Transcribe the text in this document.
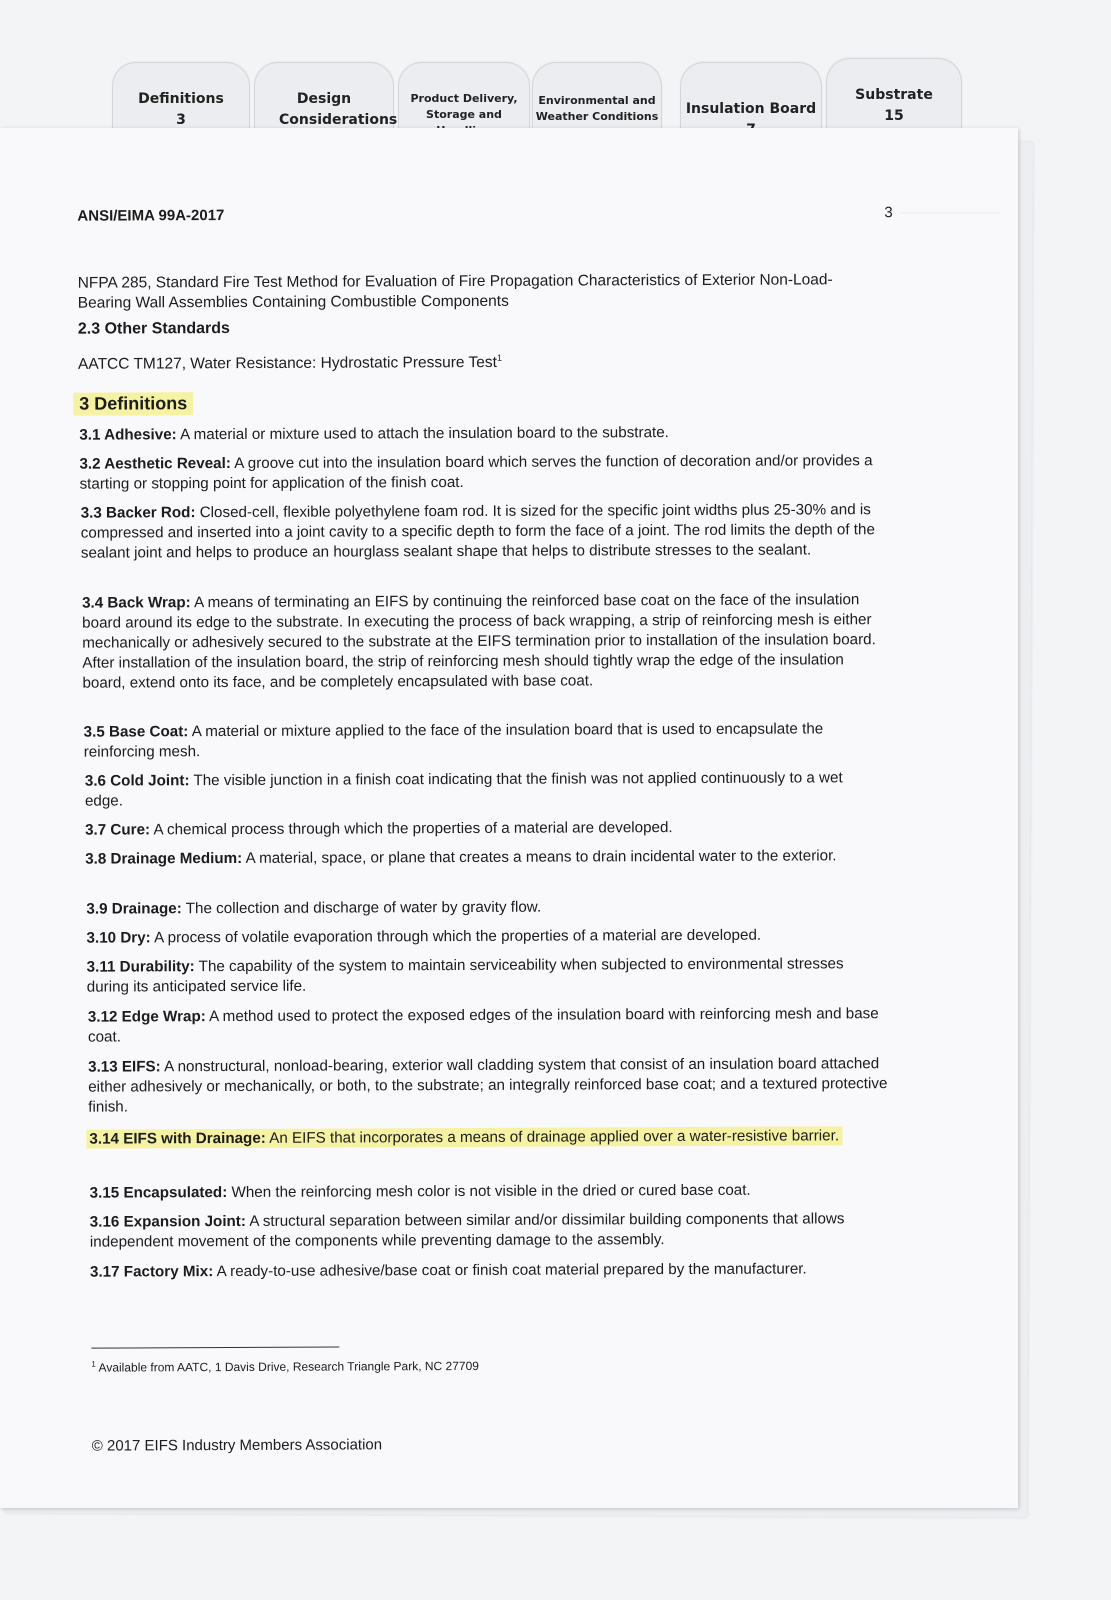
Definitions
3
Design Considerations
Product Delivery, Storage and
Environmental and Weather Conditions	Insulation Board
Substrate
15
──────────
ANSI/EIMA 99A-2017	3
NFPA 285, Standard Fire Test Method for Evaluation of Fire Propagation Characteristics of Exterior Non-Load-Bearing Wall Assemblies Containing Combustible Components
2.3 Other Standards
AATCC TM127, Water Resistance: Hydrostatic Pressure Test$^1$
3 Definitions
3.1 Adhesive: A material or mixture used to attach the insulation board to the substrate.
3.2 Aesthetic Reveal: A groove cut into the insulation board which serves the function of decoration and/or provides a starting or stopping point for application of the finish coat.
3.3 Backer Rod: Closed-cell, flexible polyethylene foam rod. It is sized for the specific joint widths plus 25-30% and is compressed and inserted into a joint cavity to a specific depth to form the face of a joint. The rod limits the depth of the sealant joint and helps to produce an hourglass sealant shape that helps to distribute stresses to the sealant.
3.4 Back Wrap: A means of terminating an EIFS by continuing the reinforced base coat on the face of the insulation board around its edge to the substrate. In executing the process of back wrapping, a strip of reinforcing mesh is either mechanically or adhesively secured to the substrate at the EIFS termination prior to installation of the insulation board. After installation of the insulation board, the strip of reinforcing mesh should tightly wrap the edge of the insulation board, extend onto its face, and be completely encapsulated with base coat.
3.5 Base Coat: A material or mixture applied to the face of the insulation board that is used to encapsulate the reinforcing mesh.
3.6 Cold Joint: The visible junction in a finish coat indicating that the finish was not applied continuously to a wet edge.
3.7 Cure: A chemical process through which the properties of a material are developed.
3.8 Drainage Medium: A material, space, or plane that creates a means to drain incidental water to the exterior.
3.9 Drainage: The collection and discharge of water by gravity flow.
3.10 Dry: A process of volatile evaporation through which the properties of a material are developed.
3.11 Durability: The capability of the system to maintain serviceability when subjected to environmental stresses during its anticipated service life.
3.12 Edge Wrap: A method used to protect the exposed edges of the insulation board with reinforcing mesh and base coat.
3.13 EIFS: A nonstructural, nonload-bearing, exterior wall cladding system that consist of an insulation board attached either adhesively or mechanically, or both, to the substrate; an integrally reinforced base coat; and a textured protective finish.
3.14 EIFS with Drainage: An EIFS that incorporates a means of drainage applied over a water-resistive barrier.
3.15 Encapsulated: When the reinforcing mesh color is not visible in the dried or cured base coat.
3.16 Expansion Joint: A structural separation between similar and/or dissimilar building components that allows independent movement of the components while preventing damage to the assembly.
3.17 Factory Mix: A ready-to-use adhesive/base coat or finish coat material prepared by the manufacturer.
$^1$ Available from AATC, 1 Davis Drive, Research Triangle Park, NC 27709
© 2017 EIFS Industry Members Association
